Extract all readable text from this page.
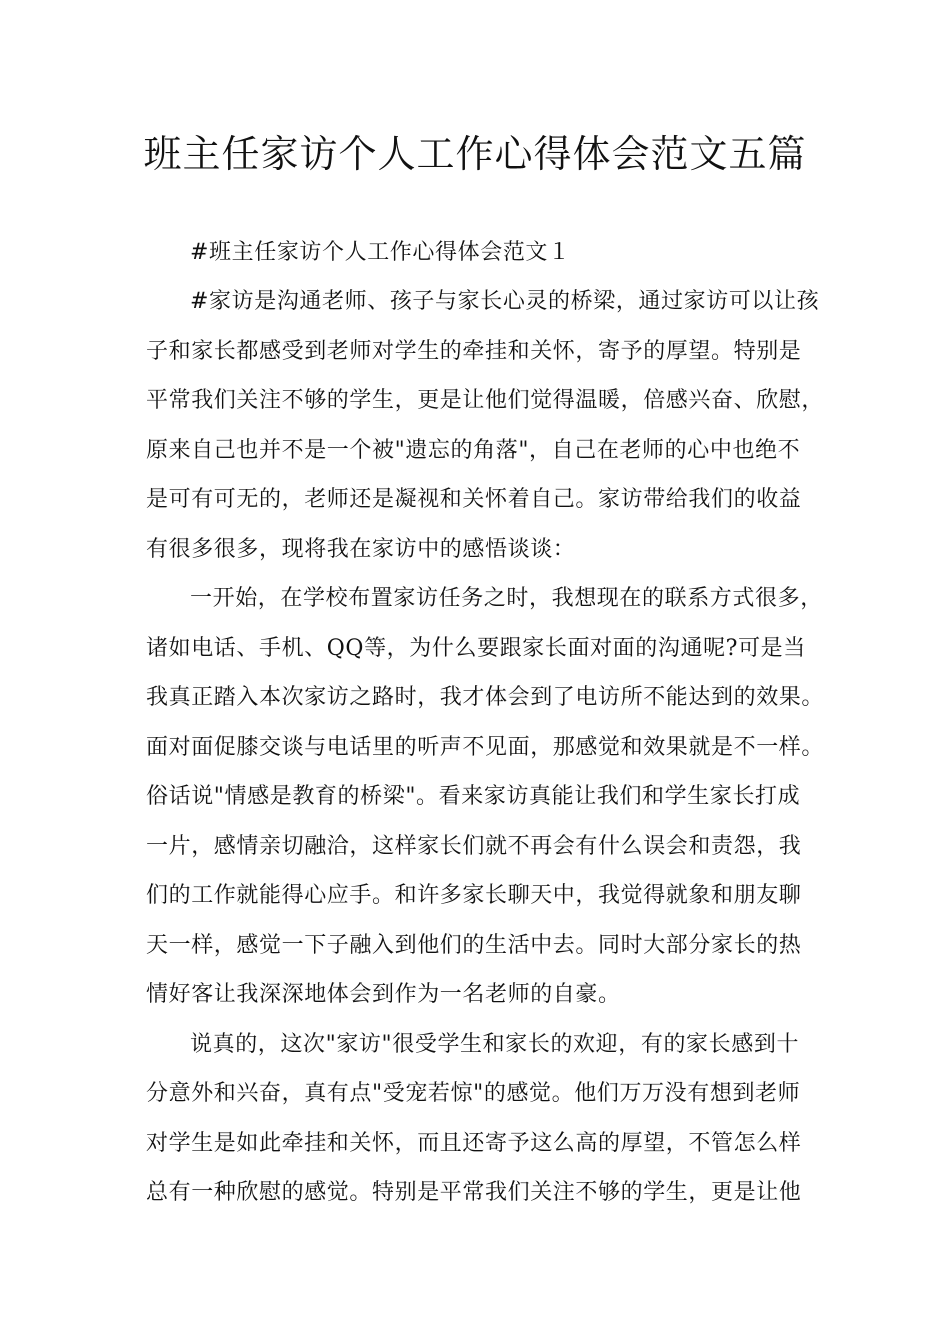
班主任家访个人工作心得体会范文五篇

#班主任家访个人工作心得体会范文１

#家访是沟通老师、孩子与家长心灵的桥梁，通过家访可以让孩

子和家长都感受到老师对学生的牵挂和关怀，寄予的厚望。特别是

平常我们关注不够的学生，更是让他们觉得温暖，倍感兴奋、欣慰，

原来自己也并不是一个被"遗忘的角落"，自己在老师的心中也绝不

是可有可无的，老师还是凝视和关怀着自己。家访带给我们的收益

有很多很多，现将我在家访中的感悟谈谈：

一开始，在学校布置家访任务之时，我想现在的联系方式很多，

诸如电话、手机、QQ等，为什么要跟家长面对面的沟通呢?可是当

我真正踏入本次家访之路时，我才体会到了电访所不能达到的效果。

面对面促膝交谈与电话里的听声不见面，那感觉和效果就是不一样。

俗话说"情感是教育的桥梁"。看来家访真能让我们和学生家长打成

一片，感情亲切融洽，这样家长们就不再会有什么误会和责怨，我

们的工作就能得心应手。和许多家长聊天中，我觉得就象和朋友聊

天一样，感觉一下子融入到他们的生活中去。同时大部分家长的热

情好客让我深深地体会到作为一名老师的自豪。

说真的，这次"家访"很受学生和家长的欢迎，有的家长感到十

分意外和兴奋，真有点"受宠若惊"的感觉。他们万万没有想到老师

对学生是如此牵挂和关怀，而且还寄予这么高的厚望，不管怎么样

总有一种欣慰的感觉。特别是平常我们关注不够的学生，更是让他
